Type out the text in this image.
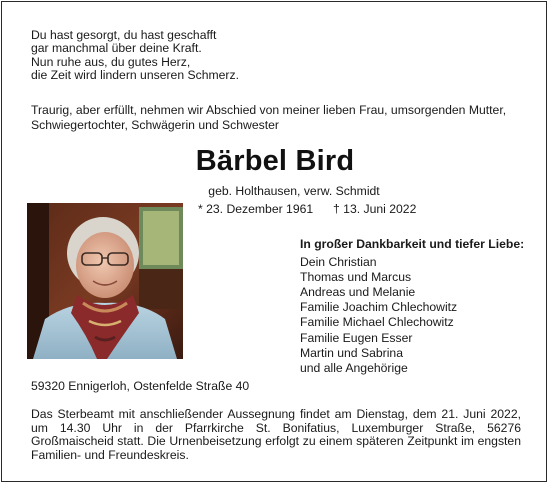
Du hast gesorgt, du hast geschafft
gar manchmal über deine Kraft.
Nun ruhe aus, du gutes Herz,
die Zeit wird lindern unseren Schmerz.
Traurig, aber erfüllt, nehmen wir Abschied von meiner lieben Frau, umsorgenden Mutter, Schwiegertochter, Schwägerin und Schwester
Bärbel Bird
geb. Holthausen, verw. Schmidt
* 23. Dezember 1961 † 13. Juni 2022
In großer Dankbarkeit und tiefer Liebe:
Dein Christian
Thomas und Marcus
Andreas und Melanie
Familie Joachim Chlechowitz
Familie Michael Chlechowitz
Familie Eugen Esser
Martin und Sabrina
und alle Angehörige
59320 Ennigerloh, Ostenfelde Straße 40
Das Sterbeamt mit anschließender Aussegnung findet am Dienstag, dem 21. Juni 2022, um 14.30 Uhr in der Pfarrkirche St. Bonifatius, Luxemburger Straße, 56276 Großmaischeid statt. Die Urnenbeisetzung erfolgt zu einem späteren Zeitpunkt im engsten Familien- und Freundeskreis.
